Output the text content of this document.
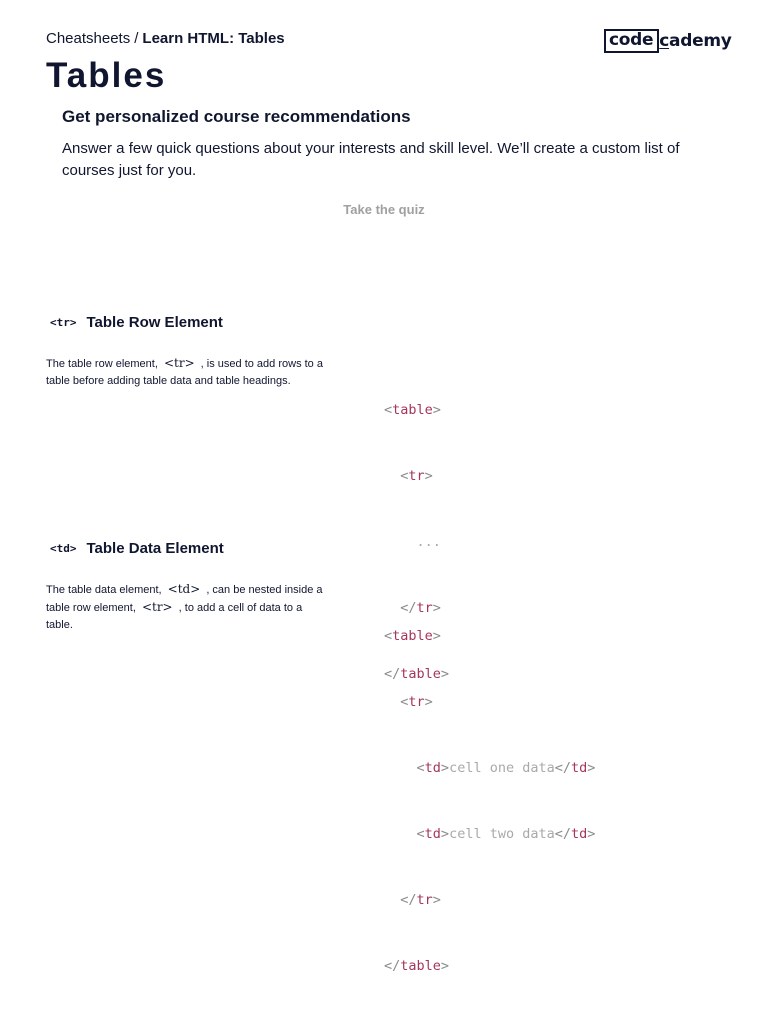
Cheatsheets / Learn HTML: Tables	code cademy
Tables
Get personalized course recommendations
Answer a few quick questions about your interests and skill level. We’ll create a custom list of courses just for you.
Take the quiz
<tr> Table Row Element

The table row element, <tr> , is used to add rows to a table before adding table data and table headings.

<table>

<tr>

...

</tr>

</table>

<td> Table Data Element

The table data element, <td> , can be nested inside a table row element, <tr> , to add a cell of data to a table.

<table>

<tr>

<td>cell one data</td>

<td>cell two data</td>

</tr>

</table>
